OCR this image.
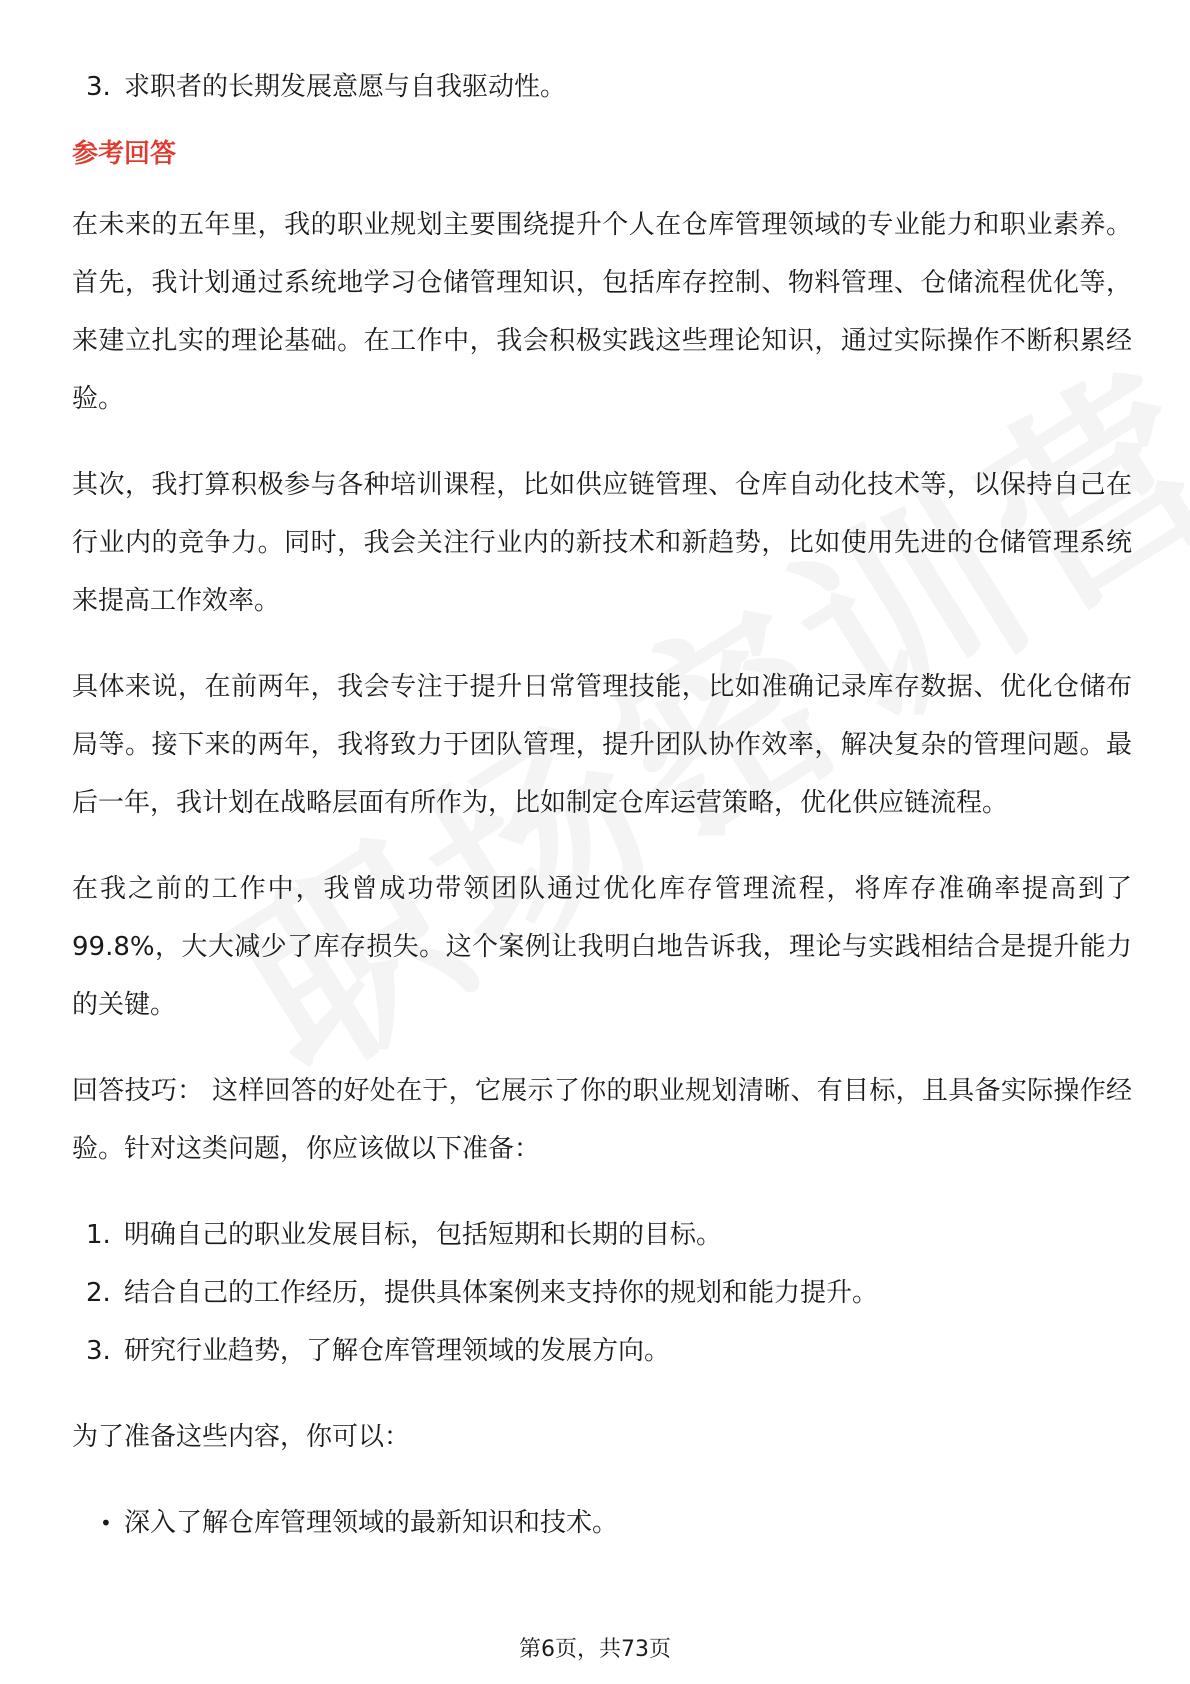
3. 求职者的长期发展意愿与自我驱动性。
参考回答

在未来的五年里，我的职业规划主要围绕提升个人在仓库管理领域的专业能力和职业素养。首先，我计划通过系统地学习仓储管理知识，包括库存控制、物料管理、仓储流程优化等，来建立扎实的理论基础。在工作中，我会积极实践这些理论知识，通过实际操作不断积累经验。

其次，我打算积极参与各种培训课程，比如供应链管理、仓库自动化技术等，以保持自己在行业内的竞争力。同时，我会关注行业内的新技术和新趋势，比如使用先进的仓储管理系统来提高工作效率。

具体来说，在前两年，我会专注于提升日常管理技能，比如准确记录库存数据、优化仓储布局等。接下来的两年，我将致力于团队管理，提升团队协作效率，解决复杂的管理问题。最后一年，我计划在战略层面有所作为，比如制定仓库运营策略，优化供应链流程。

在我之前的工作中，我曾成功带领团队通过优化库存管理流程，将库存准确率提高到了99.8%，大大减少了库存损失。这个案例让我明白地告诉我，理论与实践相结合是提升能力的关键。

回答技巧： 这样回答的好处在于，它展示了你的职业规划清晰、有目标，且具备实际操作经验。针对这类问题，你应该做以下准备：

1. 明确自己的职业发展目标，包括短期和长期的目标。
2. 结合自己的工作经历，提供具体案例来支持你的规划和能力提升。
3. 研究行业趋势，了解仓库管理领域的发展方向。

为了准备这些内容，你可以：

• 深入了解仓库管理领域的最新知识和技术。
第6页，共73页
